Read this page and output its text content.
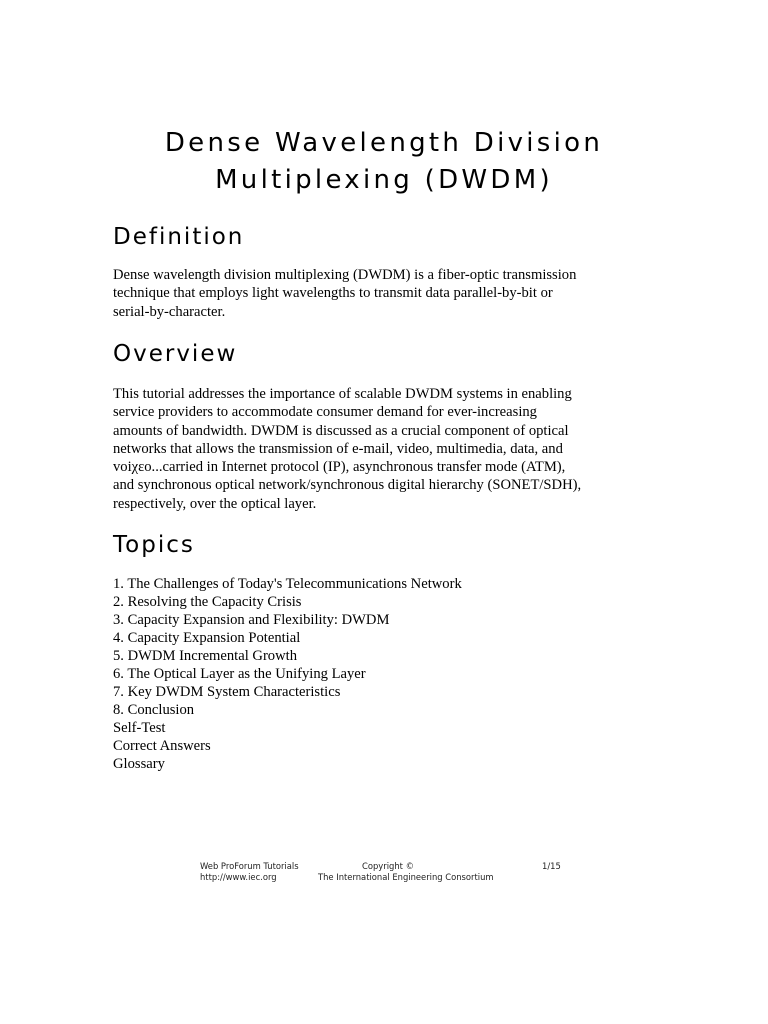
Dense Wavelength Division
Multiplexing (DWDM)
Definition

Dense wavelength division multiplexing (DWDM) is a fiber-optic transmission
technique that employs light wavelengths to transmit data parallel-by-bit or
serial-by-character.

Overview

This tutorial addresses the importance of scalable DWDM systems in enabling
service providers to accommodate consumer demand for ever-increasing
amounts of bandwidth. DWDM is discussed as a crucial component of optical
networks that allows the transmission of e-mail, video, multimedia, data, and
voiχεo...carried in Internet protocol (IP), asynchronous transfer mode (ATM),
and synchronous optical network/synchronous digital hierarchy (SONET/SDH),
respectively, over the optical layer.

Topics
1. The Challenges of Today's Telecommunications Network
2. Resolving the Capacity Crisis
3. Capacity Expansion and Flexibility: DWDM
4. Capacity Expansion Potential
5. DWDM Incremental Growth
6. The Optical Layer as the Unifying Layer
7. Key DWDM System Characteristics
8. Conclusion
Self-Test
Correct Answers
Glossary
Web ProForum Tutorials
http://www.iec.org
Copyright ©
The International Engineering Consortium
1/15
